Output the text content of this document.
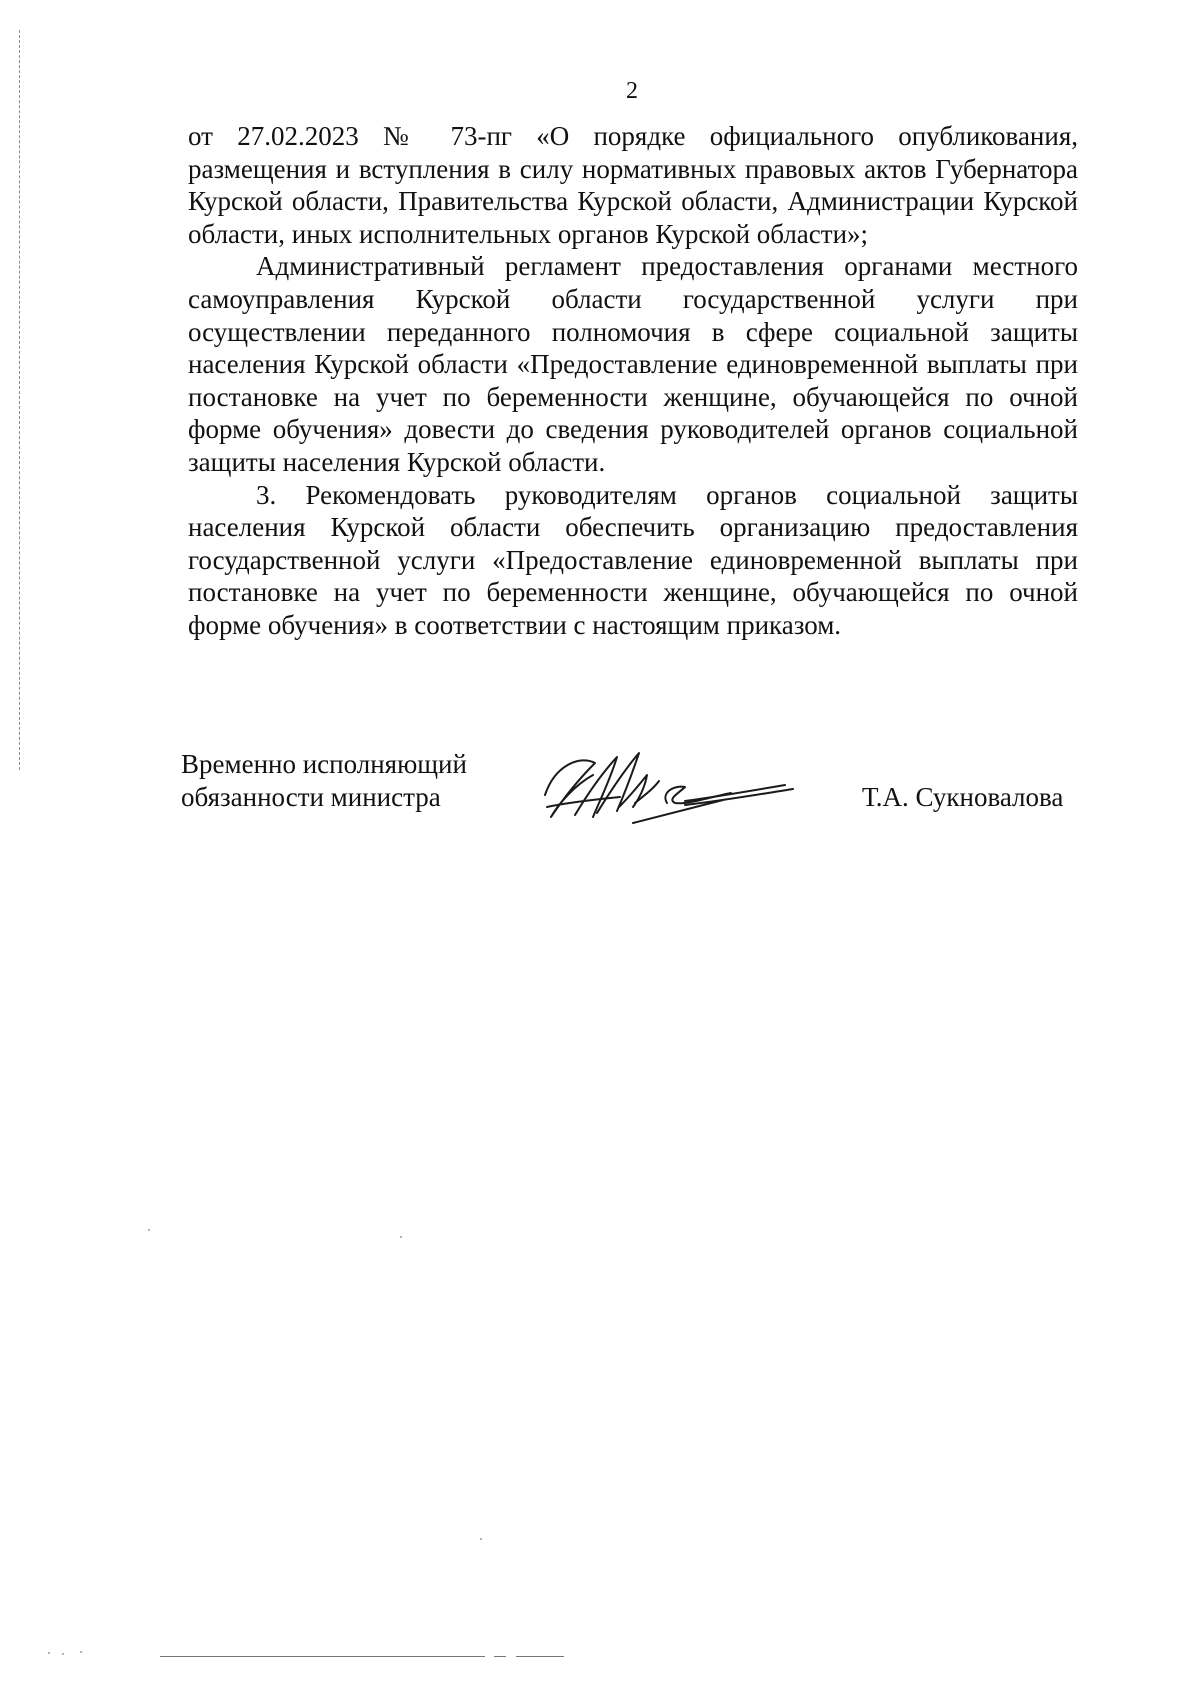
2

от 27.02.2023 № 73-пг «О порядке официального опубликования, размещения и вступления в силу нормативных правовых актов Губернатора Курской области, Правительства Курской области, Администрации Курской области, иных исполнительных органов Курской области»;

Административный регламент предоставления органами местного самоуправления Курской области государственной услуги при осуществлении переданного полномочия в сфере социальной защиты населения Курской области «Предоставление единовременной выплаты при постановке на учет по беременности женщине, обучающейся по очной форме обучения» довести до сведения руководителей органов социальной защиты населения Курской области.

3. Рекомендовать руководителям органов социальной защиты населения Курской области обеспечить организацию предоставления государственной услуги «Предоставление единовременной выплаты при постановке на учет по беременности женщине, обучающейся по очной форме обучения» в соответствии с настоящим приказом.

Временно исполняющий
обязанности министра	Т.А. Сукновалова
